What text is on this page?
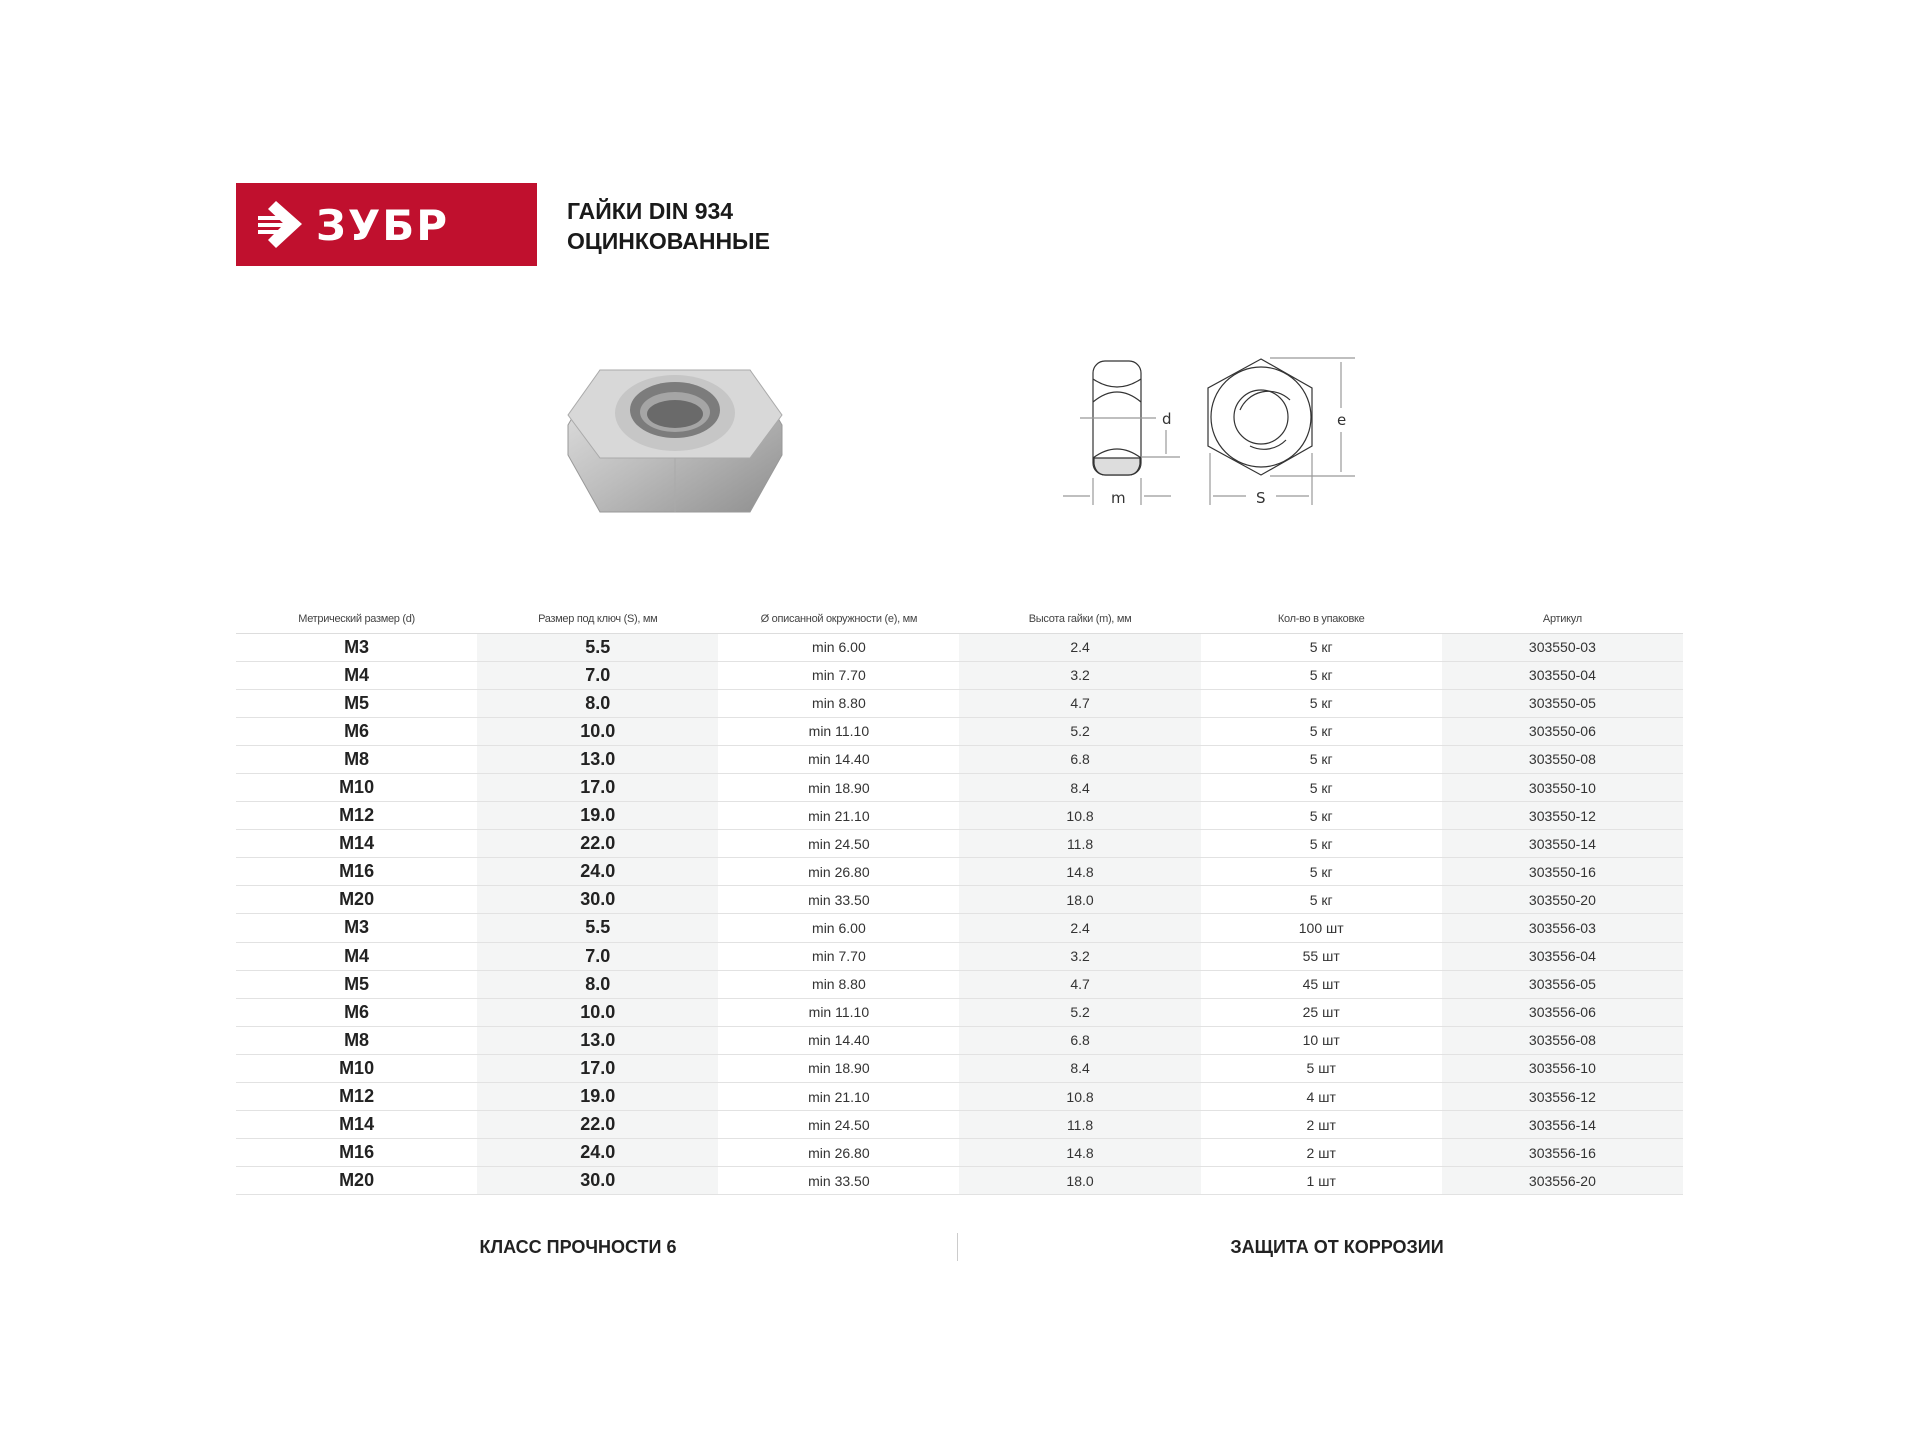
ЗУБР	ГАЙКИ DIN 934
ОЦИНКОВАННЫЕ
d
m	S
e
Метрический размер (d)	Размер под ключ (S), мм	Ø описанной окружности (e), мм	Высота гайки (m), мм	Кол-во в упаковке	Артикул
M3	5.5	min 6.00	2.4	5 кг	303550-03
M4	7.0	min 7.70	3.2	5 кг	303550-04
M5	8.0	min 8.80	4.7	5 кг	303550-05
M6	10.0	min 11.10	5.2	5 кг	303550-06
M8	13.0	min 14.40	6.8	5 кг	303550-08
M10	17.0	min 18.90	8.4	5 кг	303550-10
M12	19.0	min 21.10	10.8	5 кг	303550-12
M14	22.0	min 24.50	11.8	5 кг	303550-14
M16	24.0	min 26.80	14.8	5 кг	303550-16
M20	30.0	min 33.50	18.0	5 кг	303550-20
M3	5.5	min 6.00	2.4	100 шт	303556-03
M4	7.0	min 7.70	3.2	55 шт	303556-04
M5	8.0	min 8.80	4.7	45 шт	303556-05
M6	10.0	min 11.10	5.2	25 шт	303556-06
M8	13.0	min 14.40	6.8	10 шт	303556-08
M10	17.0	min 18.90	8.4	5 шт	303556-10
M12	19.0	min 21.10	10.8	4 шт	303556-12
M14	22.0	min 24.50	11.8	2 шт	303556-14
M16	24.0	min 26.80	14.8	2 шт	303556-16
M20	30.0	min 33.50	18.0	1 шт	303556-20
КЛАСС ПРОЧНОСТИ 6	ЗАЩИТА ОТ КОРРОЗИИ
